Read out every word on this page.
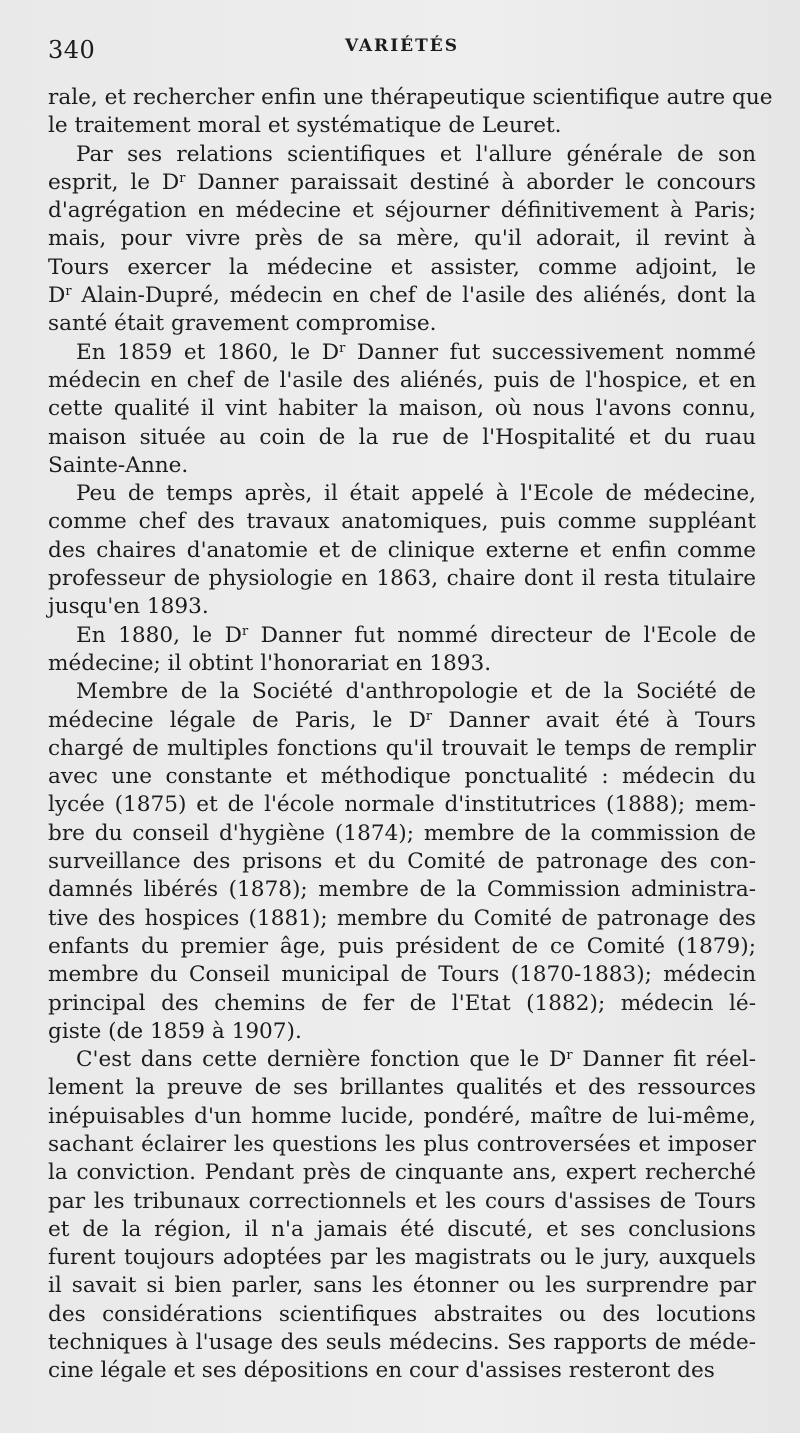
340	VARIÉTÉS
rale, et rechercher enfin une thérapeutique scientifique autre que
le traitement moral et systématique de Leuret.
Par ses relations scientifiques et l'allure générale de son
esprit, le $D^r$ Danner paraissait destiné à aborder le concours
d'agrégation en médecine et séjourner définitivement à Paris;
mais, pour vivre près de sa mère, qu'il adorait, il revint à
Tours exercer la médecine et assister, comme adjoint, le
$D^r$ Alain-Dupré, médecin en chef de l'asile des aliénés, dont la
santé était gravement compromise.
En 1859 et 1860, le $D^r$ Danner fut successivement nommé
médecin en chef de l'asile des aliénés, puis de l'hospice, et en
cette qualité il vint habiter la maison, où nous l'avons connu,
maison située au coin de la rue de l'Hospitalité et du ruau
Sainte-Anne.
Peu de temps après, il était appelé à l'Ecole de médecine,
comme chef des travaux anatomiques, puis comme suppléant
des chaires d'anatomie et de clinique externe et enfin comme
professeur de physiologie en 1863, chaire dont il resta titulaire
jusqu'en 1893.
En 1880, le $D^r$ Danner fut nommé directeur de l'Ecole de
médecine; il obtint l'honorariat en 1893.
Membre de la Société d'anthropologie et de la Société de
médecine légale de Paris, le $D^r$ Danner avait été à Tours
chargé de multiples fonctions qu'il trouvait le temps de remplir
avec une constante et méthodique ponctualité : médecin du
lycée (1875) et de l'école normale d'institutrices (1888); mem-
bre du conseil d'hygiène (1874); membre de la commission de
surveillance des prisons et du Comité de patronage des con-
damnés libérés (1878); membre de la Commission administra-
tive des hospices (1881); membre du Comité de patronage des
enfants du premier âge, puis président de ce Comité (1879);
membre du Conseil municipal de Tours (1870-1883); médecin
principal des chemins de fer de l'Etat (1882); médecin lé-
giste (de 1859 à 1907).
C'est dans cette dernière fonction que le $D^r$ Danner fit réel-
lement la preuve de ses brillantes qualités et des ressources
inépuisables d'un homme lucide, pondéré, maître de lui-même,
sachant éclairer les questions les plus controversées et imposer
la conviction. Pendant près de cinquante ans, expert recherché
par les tribunaux correctionnels et les cours d'assises de Tours
et de la région, il n'a jamais été discuté, et ses conclusions
furent toujours adoptées par les magistrats ou le jury, auxquels
il savait si bien parler, sans les étonner ou les surprendre par
des considérations scientifiques abstraites ou des locutions
techniques à l'usage des seuls médecins. Ses rapports de méde-
cine légale et ses dépositions en cour d'assises resteront des
